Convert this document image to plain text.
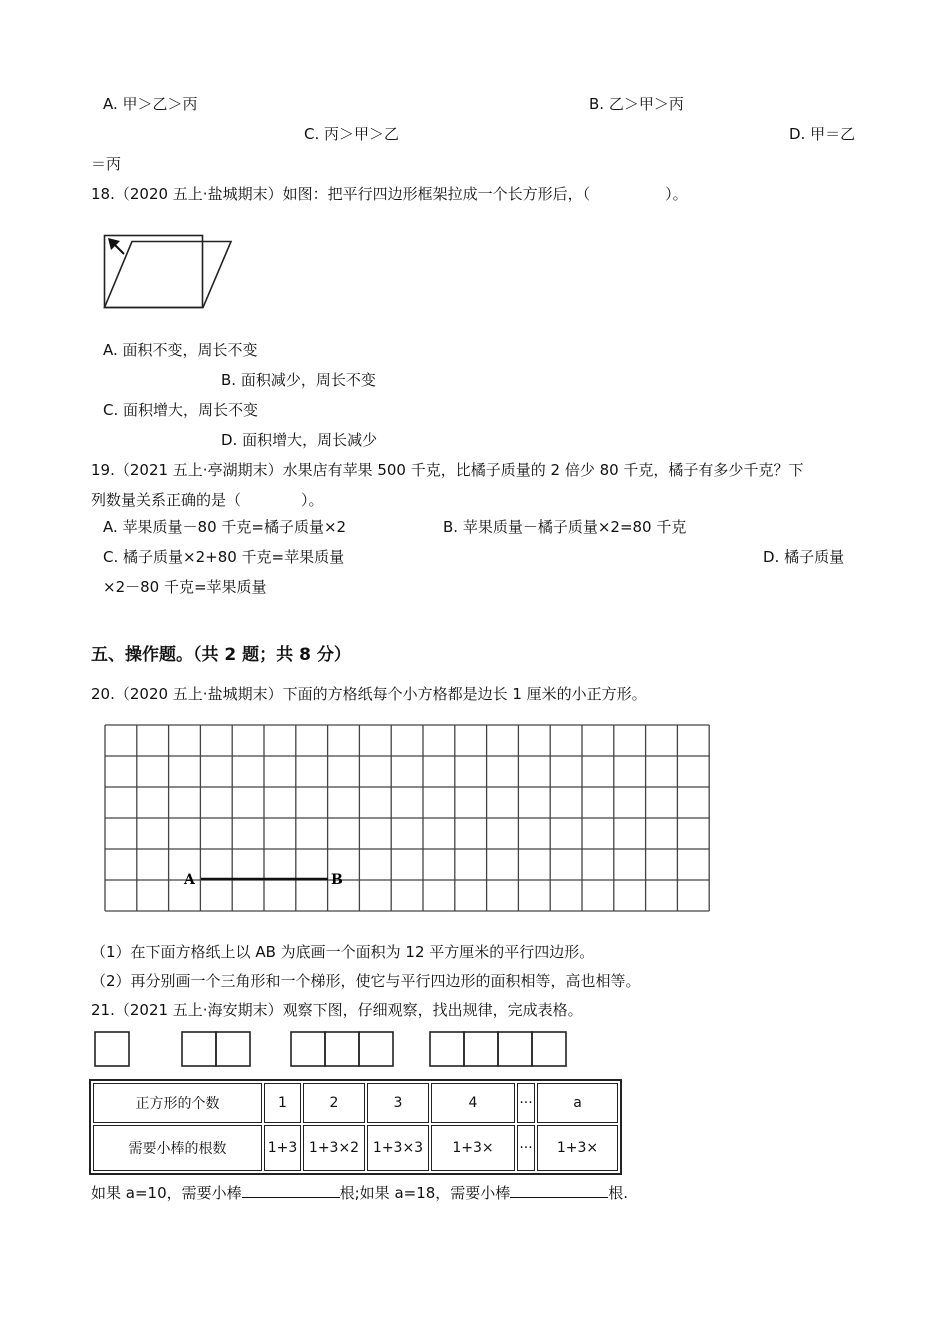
A. 甲＞乙＞丙	B. 乙＞甲＞丙
C. 丙＞甲＞乙	D. 甲＝乙
＝丙
18.（2020 五上·盐城期末）如图：把平行四边形框架拉成一个长方形后，（　　　　　）。
A. 面积不变，周长不变
B. 面积减少，周长不变
C. 面积增大，周长不变
D. 面积增大，周长减少
19.（2021 五上·亭湖期末）水果店有苹果 500 千克，比橘子质量的 2 倍少 80 千克，橘子有多少千克？下
列数量关系正确的是（　　　　）。
A. 苹果质量－80 千克=橘子质量×2	B. 苹果质量－橘子质量×2=80 千克
C. 橘子质量×2+80 千克=苹果质量	D. 橘子质量
×2－80 千克=苹果质量
五、操作题。（共 2 题；共 8 分）
20.（2020 五上·盐城期末）下面的方格纸每个小方格都是边长 1 厘米的小正方形。
A	B
（1）在下面方格纸上以 AB 为底画一个面积为 12 平方厘米的平行四边形。
（2）再分别画一个三角形和一个梯形，使它与平行四边形的面积相等，高也相等。
21.（2021 五上·海安期末）观察下图，仔细观察，找出规律，完成表格。
正方形的个数	1	2	3	4	···	a
需要小棒的根数	1+3	1+3×2	1+3×3	1+3×	···	1+3×
如果 a=10，需要小棒	根;如果 a=18，需要小棒	根.
